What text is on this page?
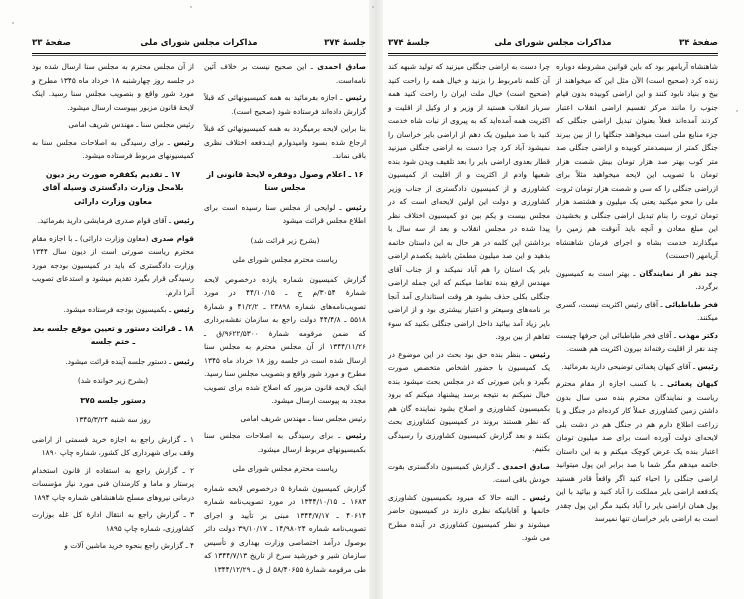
جلسهٔ ۳۷۴
مذاکرات مجلس شورای ملی
صفحهٔ ۳۳

صادق احمدی ـ این صحیح نیست بر خلاف آئین نامه‌است.

رئیس ـ اجازه بفرمائید به همه کمیسیونهائی که قبلاً گزارش داده‌اند فرستاده شود (صحیح است).

بنا براین لایحه برمیگردد به همه کمیسیونهائی که قبلاً ارجاع شده بسود وامیدوارم اینـدفعه اختلاف نظری باقی نماند.

۱۶ ـ اعلام وصول دوفقره لایحهٔ قانونی از مجلس سنا

رئیس ـ لوایحی از مجلس سنا رسیده است برای اطلاع مجلس قرائت میشود

(بشرح زیر قرائت شد)
ریاست محترم مجلس شورای ملی

گزارش کمیسیون شماره یازده درخصوص لایحه شمارهٔ ۳۰۵۴/م ج ـ ۴۴/۱۰/۱۵ در مورد تصویب‌نامه‌های شماره ۲۳۸۹۸ ـ ۴۱/۲/۲ و شمارهٔ ۵۵۱۸ ـ ۴۴/۴/۸ دولت راجع به سازمان نقشه‌برداری که ضمن مرقومه شمارهٔ ۹۶۲۲/۵۳۰۰/ق ـ ۱۳۴۴/۱۱/۲۶ از آن مجلس محترم به مجلس سنا ارسال شده است در جلسه روز ۱۸ خرداد ماه ۱۳۴۵ مطرح و مورد شور واقع و بتصویب مجلس سنا رسید. اینک لایحه قانون مزبور که اصلاح شده برای تصویب مجدد به پیوست ارسال میشود.

رئیس مجلس سنا ـ مهندس شریف امامی

رئیس ـ برای رسیدگی به اصلاحات مجلس سنا بکمیسیونهای مربوط ارسال میشود.

ریاست محترم مجلس شورای ملی

گزارش کمیسیون شمارهٔ ۵ درخصوص لایحه شماره ۱۶۸۳ ـ ۱۳۴۴/۱۰/۱۵ در مورد تصویب‌نامه شماره ۴۰۶۱۴ ـ ۱۳۴۴/۷/۱۷ مبنی بر تأیید و اجرای تصویب‌نامه شماره ۱۴/۹۸۰۲۴ ـ ۳۹/۱۰/۱۷ دولت دائر بوصول درآمد اختصاصی وزارت بهداری و تأسیس سازمان شیر و خورشید سرخ از تاریخ ۱۳۴۴/۷/۱۳ که طی مرقومه شمارهٔ ۵۸/۴۰۶۵۵ ل ق ـ ۱۳۴۴/۱۲/۲۹

از آن مجلس محترم به مجلس سنا ارسال شده بود در جلسه روز چهارشنبه ۱۸ خرداد ماه ۱۳۴۵ مطرح و مورد شور واقع و بتصویب مجلس سنا رسید. اینک لایحهٔ قانون مزبور بپیوست ارسال میشود.

رئیس مجلس سنا ـ مهندس شریف امامی

رئیس ـ برای رسیدگی به اصلاحات مجلس سنا به کمیسیونهای مربوط فرستاده میشود.

۱۷ ـ تقدیم یکفقره صورت ریز دیون بلامحل وزارت دادگستری وسیله آقای معاون وزارت دارائی

رئیس ـ آقای قوام صدری فرمایشی دارید بفرمائید.

قوام صدری (معاون وزارت دارائی) ـ با اجازه مقام محترم ریاست صورتی است از دیون سال ۱۳۴۴ وزارت دادگستری که باید در کمیسیون بودجه مورد رسیدگی قرار بگیرد تقدیم میشود و استدعای تصویب آنرا دارم.

رئیس ـ بکمیسیون بودجه فرستاده میشود.

۱۸ ـ قرائت دستور و تعیین موقع جلسه بعد ـ ختم جلسه

رئیس ـ دستور جلسه آینده قرائت میشود.

(بشرح زیر خوانده شد)
دستور جلسه ۳۷۵
روز سه شنبه ۱۳۴۵/۳/۲۴

۱ ـ گزارش راجع به اجازه خرید قسمتی از اراضی وقف برای شهرداری کل کشور، شماره چاپ ۱۸۹۰

۲ ـ گزارش راجع به استفاده از قانون استخدام پرستار و ماما و کارمندان فنی مورد نیاز مؤسسات درمانی نیروهای مسلح شاهنشاهی شماره چاپ ۱۸۹۴

۳ ـ گزارش راجع به انتقال ادارهٔ کل غله بوزارت کشاورزی، شماره چاپ ۱۸۹۵

۴ ـ گزارش راجع بنحوه خرید ماشین آلات و

صفحهٔ ۳۴
مذاکرات مجلس شورای ملی
جلسهٔ ۳۷۴

شاهنشاه آریامهر بود که باین قوانین مشروطه دوباره زنده کرد (صحیح است) الآن مثل این که میخواهند از بیخ و بنیاد نابود کنند و این اراضی کوبیده بدون قیام جنوب را مانند مرکز تقسیم اراضی انقلاب اعتبار کردند آمده‌اند فعلاً بعنوان تبدیل اراضی جنگلی که جزء منابع ملی است میخواهند جنگلها را از بین ببرند جنگل کمتر از سیصدمتر کوبیده و اراضی جنگلی صد متر کوب بهتر صد هزار تومان بیش شصت هزار تومان با تصویب این لایحه میخواهید مثلاً برای ازراضی جنگلی را که سی و شصت هزار تومان ثروت ملی را محو میکنید یعنی یک میلیون و هشتصد هزار تومان ثروت را بنام تبدیل اراضی جنگلی و بخشیدن این مبلغ معادن و آنچه باید آنوقت هم زمین را میگذارند خدمت بشاه و اجرای فرمان شاهنشاه آریامهر (احسنت)

چند نفر از نمایندگان ـ بهتر است به کمیسیون برگردد.

فخر طباطبائی ـ آقای رئیس اکثریت نیست، کسری میکنند.

دکتر مهذب ـ آقای فخر طباطبائی این حرفها چیست چند نفر از اقلیت رفته‌اند بیرون اکثریت هم هست.

رئیس ـ آقای کیهان پغمائی توضیحی دارید بفرمائید.

کیهان پغمائی ـ با کسب اجازه از مقام محترم ریاست و نمایندگان محترم بنده سی سال بدون داشتن زمین کشاورزی عملاً کار کرده‌ام در جنگل و با زراعت اطلاع دارم هم در جنگل هم در دشت بلی لایحه‌ای دولت آورده است برای صد میلیون تومان اعتبار بنده یک عرض کوچک میکنم و به این داستان خاتمه میدهم مگر شما با صد برابر این پول میتوانید اراضی جنگلی را احیاء کنید اگر واقعاً قادر هستید یکدفعه اراضی بایر مملکت را آباد کنید و بیائید با این پول همان اراضی بایر را آباد بکنید مگر این پول چقدر است به اراضی بایر خراسان تنها نمیرسد

چرا دست به اراضی جنگلی میزنید که تولید شبهه کند آن کلمه نامربوط را بزنید و خیال همه را راحت کنید (صحیح است) خیال ملت ایران را راحت کنید همه سرباز انقلاب هستید از وزیر و از وکیل از اقلیت و اکثریت همه آمده‌اید که به پیروی از نیات شاه خدمت کنید با صد میلیون یک دهم از اراضی بایر خراسان را نمیشود آباد کرد چرا دست به اراضی جنگلی میزنید قطار بعدوی اراضی بایر را بعد تلقیف ویدن شود بنده شعبها وادم از اکثریت و از اقلیت از کمیسیون کشاورزی و از کمیسیون دادگستری از جناب وزیر کشاورزی و دولت این اولین لایحه‌ای است که در مجلس بیست و یکم بین دو کمیسیون اختلاف نظر پیدا شده در مجلس انقلاب و بعد از سه سال با برداشتن این کلمه در هر حال به این داستان خاتمه بدهید و این صد میلیون مطمئن باشید یکصدم اراضی بایر یک استان را هم آباد نمیکند و از جناب آقای مهندس ارفع بنده تقاضا میکنم که این جمله اراضی جنگلی بکلی حذف بشود هر وقت استانداری آمد آنجا بر نامه‌های وسیعتر و اعتبار بیشتری بود و از اراضی بایر زیاد آمد بیائید داخل اراضی جنگلی بکنید که سوء تفاهم از بین برود.

رئیس ـ بنظر بنده حق بود بحث در این موضوع در یک کمیسیون با حضور اشخاص متخصص صورت بگیرد و باین صورتی که در مجلس بحث میشود بنده خیال نمیکنم به نتیجه برسد پیشنهاد میکنم که برود بکمیسیون کشاورزی و اصلاح بشود نماینده گان هم که نظر هستند بروند در کمیسیون کشاورزی بحث بکنند و بعد گزارش کمیسیون کشاورزی را رسیدگی بکنیم.

صادق احمدی ـ گزارش کمیسیون دادگستری بقوت خودش باقی است.

رئیس ـ البته حالا که میرود بکمیسیون کشاورزی خانمها و آقایانیکه نظری دارند در کمیسیون حاضر میشوند و نظر کمیسیون کشاورزی در آینده مطرح می شود.
